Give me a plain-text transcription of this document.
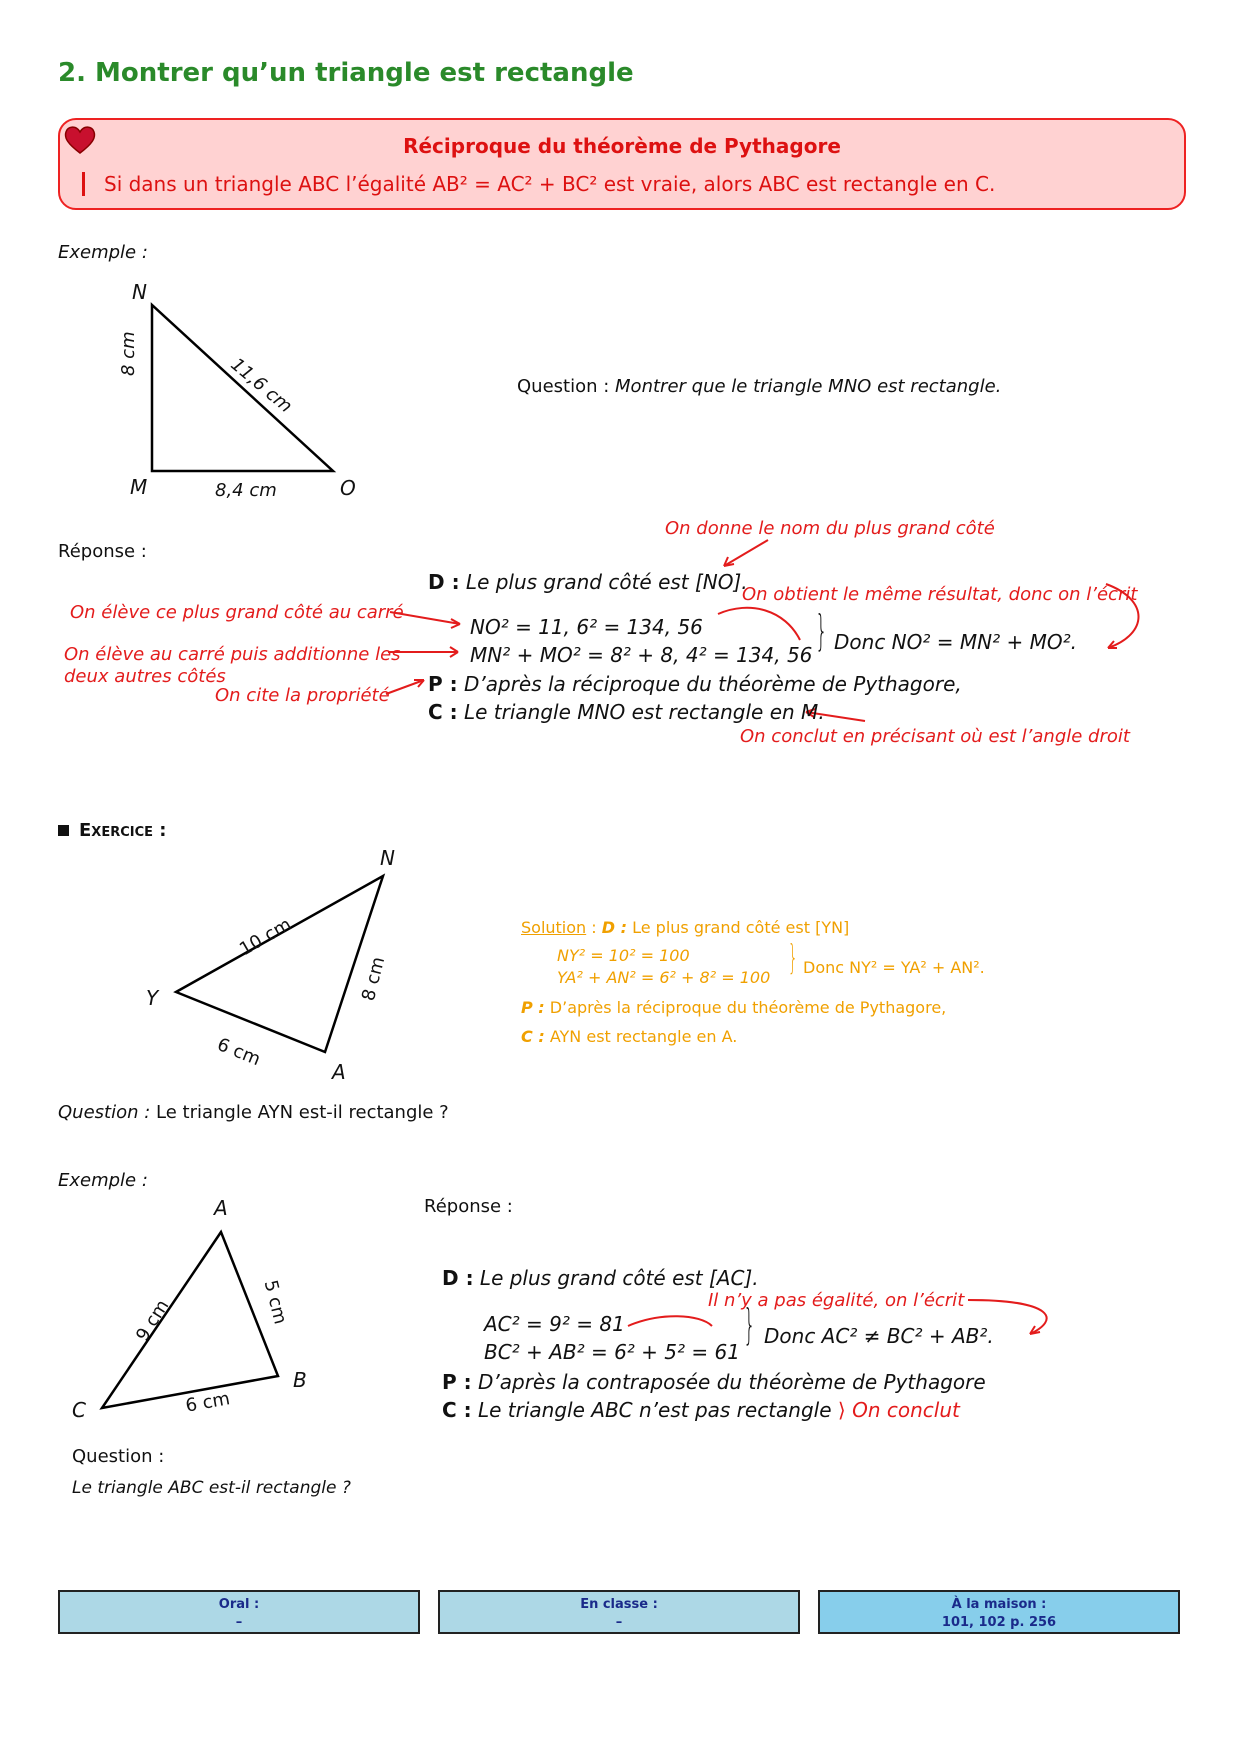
2. Montrer qu’un triangle est rectangle
Réciproque du théorème de Pythagore
Si dans un triangle ABC l’égalité AB² = AC² + BC² est vraie, alors ABC est rectangle en C.
Exemple :
N
M	O
8 cm
11,6 cm
8,4 cm
Question : Montrer que le triangle MNO est rectangle.
On donne le nom du plus grand côté
Réponse :
D : Le plus grand côté est [NO].
On obtient le même résultat, donc on l’écrit
On élève ce plus grand côté au carré
NO² = 11, 6² = 134, 56
MN² + MO² = 8² + 8, 4² = 134, 56 } Donc NO² = MN² + MO².
On élève au carré puis additionne les
deux autres côtés
On cite la propriété P : D’après la réciproque du théorème de Pythagore,
C : Le triangle MNO est rectangle en M.
On conclut en précisant où est l’angle droit
Exercice :
N
Y
A
10 cm
8 cm
6 cm
Solution : D : Le plus grand côté est [YN]
NY² = 10² = 100
YA² + AN² = 6² + 8² = 100 } Donc NY² = YA² + AN².
P : D’après la réciproque du théorème de Pythagore,
C : AYN est rectangle en A.
Question : Le triangle AYN est-il rectangle ?
Exemple :
A
B
C
9 cm	5 cm
6 cm
Réponse :
D : Le plus grand côté est [AC].
Il n’y a pas égalité, on l’écrit
AC² = 9² = 81
BC² + AB² = 6² + 5² = 61
} Donc AC² ≠ BC² + AB².
P : D’après la contraposée du théorème de Pythagore
C : Le triangle ABC n’est pas rectangle ⟩ On conclut
Question :
Le triangle ABC est-il rectangle ?
Oral :
–
En classe :
–
À la maison :
101, 102 p. 256
